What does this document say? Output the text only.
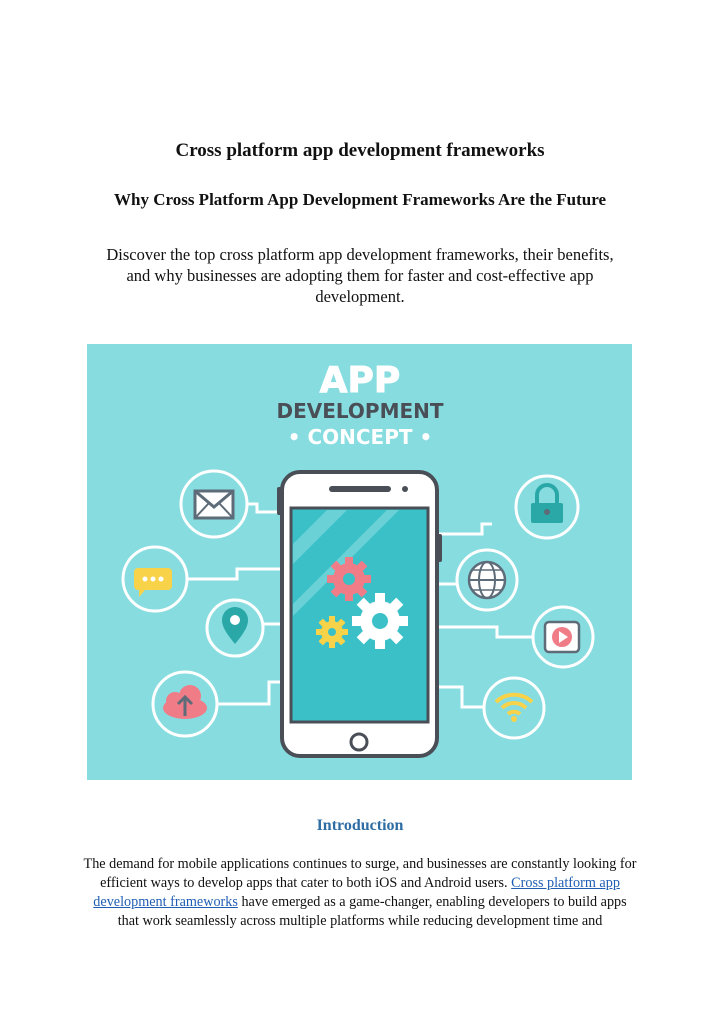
Cross platform app development frameworks
Why Cross Platform App Development Frameworks Are the Future
Discover the top cross platform app development frameworks, their benefits, and why businesses are adopting them for faster and cost-effective app development.
APP
DEVELOPMENT
• CONCEPT •
Introduction
The demand for mobile applications continues to surge, and businesses are constantly looking for efficient ways to develop apps that cater to both iOS and Android users. Cross platform app development frameworks have emerged as a game-changer, enabling developers to build apps that work seamlessly across multiple platforms while reducing development time and
